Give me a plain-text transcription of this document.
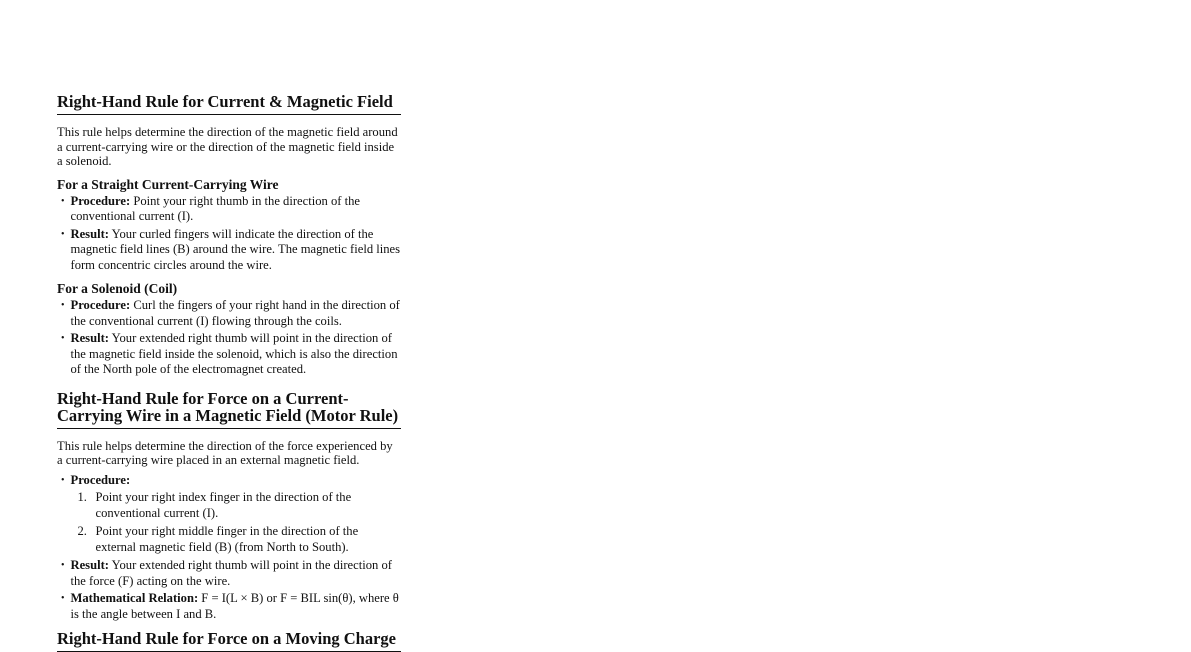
Right-Hand Rule for Current & Magnetic Field

This rule helps determine the direction of the magnetic field around a current-carrying wire or the direction of the magnetic field inside a solenoid.

For a Straight Current-Carrying Wire
• Procedure: Point your right thumb in the direction of the conventional current (I).
• Result: Your curled fingers will indicate the direction of the magnetic field lines (B) around the wire. The magnetic field lines form concentric circles around the wire.
For a Solenoid (Coil)
• Procedure: Curl the fingers of your right hand in the direction of the conventional current (I) flowing through the coils.
• Result: Your extended right thumb will point in the direction of the magnetic field inside the solenoid, which is also the direction of the North pole of the electromagnet created.
Right-Hand Rule for Force on a Current-Carrying Wire in a Magnetic Field (Motor Rule)

This rule helps determine the direction of the force experienced by a current-carrying wire placed in an external magnetic field.

• Procedure:
1. Point your right index finger in the direction of the conventional current (I).
2. Point your right middle finger in the direction of the external magnetic field (B) (from North to South).
• Result: Your extended right thumb will point in the direction of the force (F) acting on the wire.
• Mathematical Relation: F = I(L × B) or F = BIL sin(θ), where θ is the angle between I and B.
Right-Hand Rule for Force on a Moving Charge
